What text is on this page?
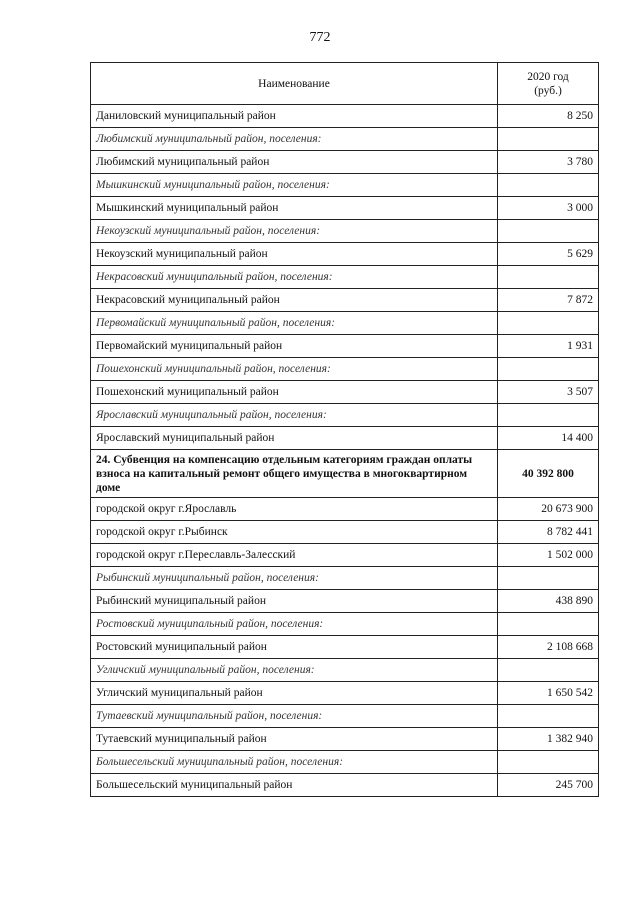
772
Наименование	2020 год
(руб.)

Даниловский муниципальный район	8 250
Любимский муниципальный район, поселения:	
Любимский муниципальный район	3 780
Мышкинский муниципальный район, поселения:	
Мышкинский муниципальный район	3 000
Некоузский муниципальный район, поселения:	
Некоузский муниципальный район	5 629
Некрасовский муниципальный район, поселения:	
Некрасовский муниципальный район	7 872
Первомайский муниципальный район, поселения:	
Первомайский муниципальный район	1 931
Пошехонский муниципальный район, поселения:	
Пошехонский муниципальный район	3 507
Ярославский муниципальный район, поселения:	
Ярославский муниципальный район	14 400
24. Субвенция на компенсацию отдельным категориям граждан оплаты взноса на капитальный ремонт общего имущества в многоквартирном доме	40 392 800
городской округ г.Ярославль	20 673 900
городской округ г.Рыбинск	8 782 441
городской округ г.Переславль-Залесский	1 502 000
Рыбинский муниципальный район, поселения:	
Рыбинский муниципальный район	438 890
Ростовский муниципальный район, поселения:	
Ростовский муниципальный район	2 108 668
Угличский муниципальный район, поселения:	
Угличский муниципальный район	1 650 542
Тутаевский муниципальный район, поселения:	
Тутаевский муниципальный район	1 382 940
Большесельский муниципальный район, поселения:	
Большесельский муниципальный район	245 700
